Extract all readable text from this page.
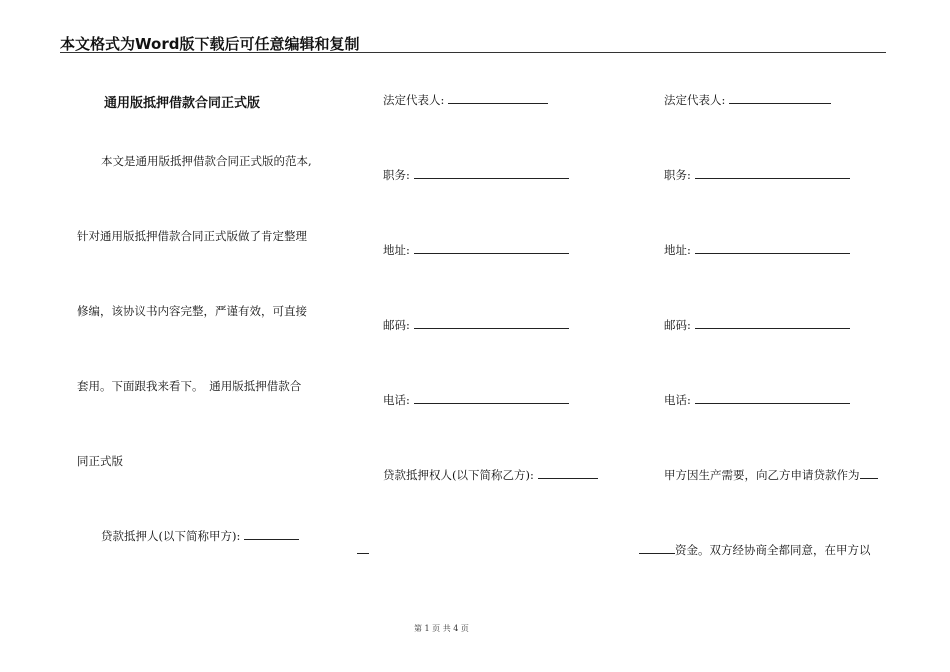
本文格式为Word版下载后可任意编辑和复制
通用版抵押借款合同正式版

本文是通用版抵押借款合同正式版的范本,

针对通用版抵押借款合同正式版做了肯定整理

修编，该协议书内容完整，严谨有效，可直接

套用。下面跟我来看下。　通用版抵押借款合

同正式版

贷款抵押人(以下简称甲方):

法定代表人:

职务:

地址:

邮码:

电话:

贷款抵押权人(以下简称乙方):

法定代表人:

职务:

地址:

邮码:

电话:

甲方因生产需要，向乙方申请贷款作为

资金。双方经协商全都同意，在甲方以

第 1 页 共 4 页
